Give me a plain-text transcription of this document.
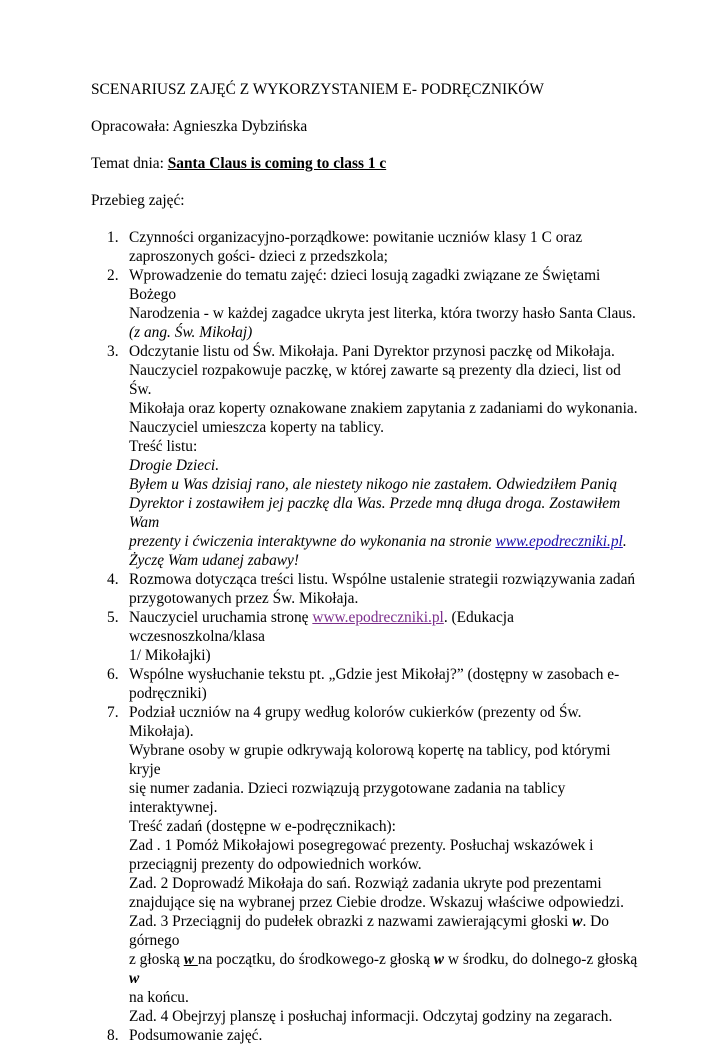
SCENARIUSZ ZAJĘĆ Z WYKORZYSTANIEM E- PODRĘCZNIKÓW

Opracowała: Agnieszka Dybzińska

Temat dnia: Santa Claus is coming to class 1 c

Przebieg zajęć:

1. Czynności organizacyjno-porządkowe: powitanie uczniów klasy 1 C oraz
zaproszonych gości- dzieci z przedszkola;
2. Wprowadzenie do tematu zajęć: dzieci losują zagadki związane ze Świętami Bożego
Narodzenia - w każdej zagadce ukryta jest literka, która tworzy hasło Santa Claus.
(z ang. Św. Mikołaj)
3. Odczytanie listu od Św. Mikołaja. Pani Dyrektor przynosi paczkę od Mikołaja.
Nauczyciel rozpakowuje paczkę, w której zawarte są prezenty dla dzieci, list od Św.
Mikołaja oraz koperty oznakowane znakiem zapytania z zadaniami do wykonania.
Nauczyciel umieszcza koperty na tablicy.
Treść listu:
Drogie Dzieci.
Byłem u Was dzisiaj rano, ale niestety nikogo nie zastałem. Odwiedziłem Panią
Dyrektor i zostawiłem jej paczkę dla Was. Przede mną długa droga. Zostawiłem Wam
prezenty i ćwiczenia interaktywne do wykonania na stronie www.epodreczniki.pl.
Życzę Wam udanej zabawy!
4. Rozmowa dotycząca treści listu. Wspólne ustalenie strategii rozwiązywania zadań
przygotowanych przez Św. Mikołaja.
5. Nauczyciel uruchamia stronę www.epodreczniki.pl. (Edukacja wczesnoszkolna/klasa
1/ Mikołajki)
6. Wspólne wysłuchanie tekstu pt. „Gdzie jest Mikołaj?” (dostępny w zasobach e-
podręczniki)
7. Podział uczniów na 4 grupy według kolorów cukierków (prezenty od Św. Mikołaja).
Wybrane osoby w grupie odkrywają kolorową kopertę na tablicy, pod którymi kryje
się numer zadania. Dzieci rozwiązują przygotowane zadania na tablicy interaktywnej.
Treść zadań (dostępne w e-podręcznikach):
Zad . 1 Pomóż Mikołajowi posegregować prezenty. Posłuchaj wskazówek i
przeciągnij prezenty do odpowiednich worków.
Zad. 2 Doprowadź Mikołaja do sań. Rozwiąż zadania ukryte pod prezentami
znajdujące się na wybranej przez Ciebie drodze. Wskazuj właściwe odpowiedzi.
Zad. 3 Przeciągnij do pudełek obrazki z nazwami zawierającymi głoski w. Do górnego
z głoską w na początku, do środkowego-z głoską w w środku, do dolnego-z głoską w
na końcu.
Zad. 4 Obejrzyj planszę i posłuchaj informacji. Odczytaj godziny na zegarach.
8. Podsumowanie zajęć.
